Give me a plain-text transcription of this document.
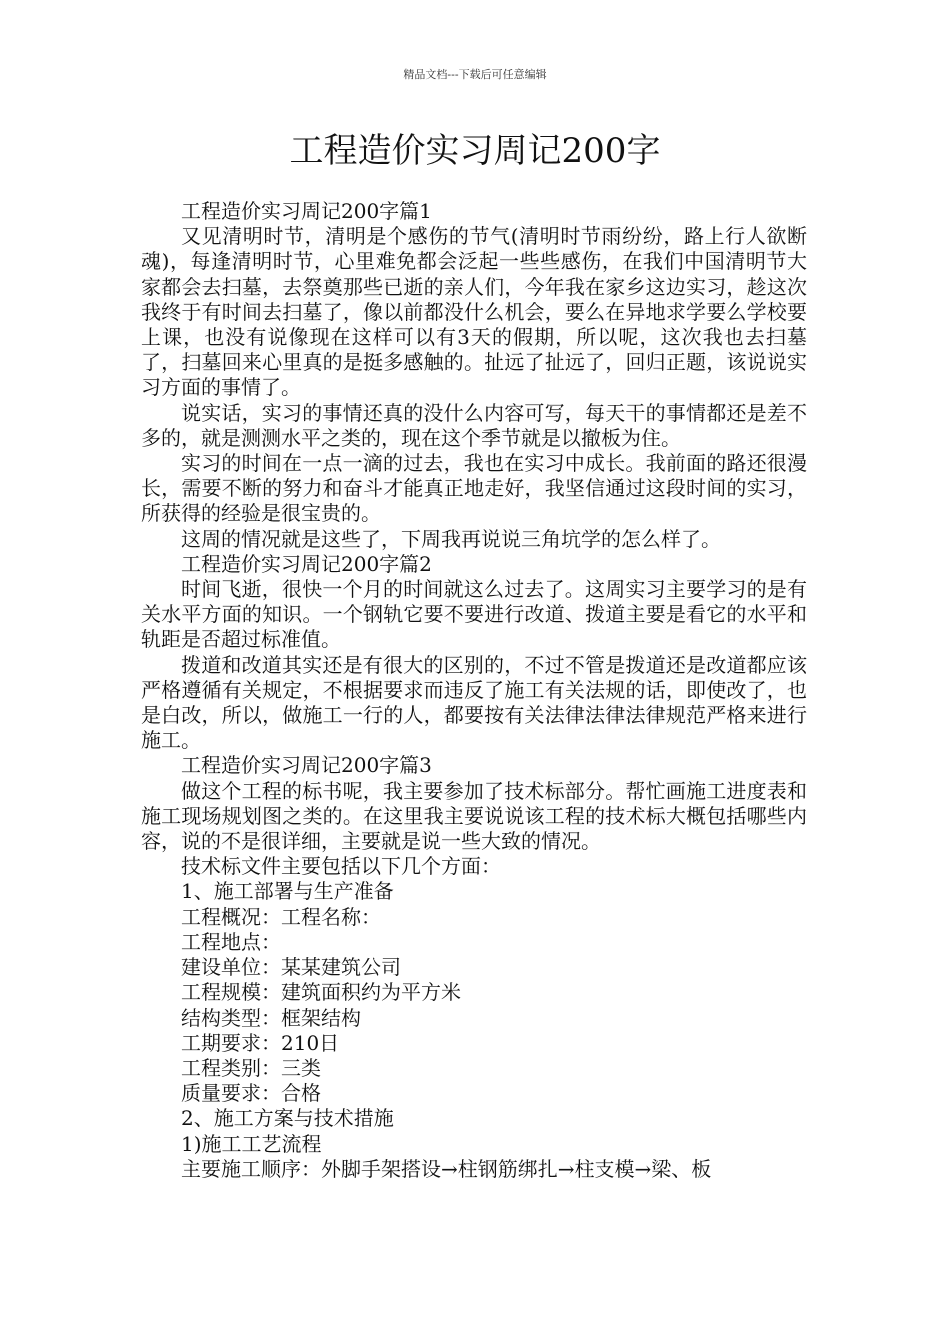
精品文档---下载后可任意编辑
工程造价实习周记200字

工程造价实习周记200字篇1

又见清明时节，清明是个感伤的节气(清明时节雨纷纷，路上行人欲断魂)，每逢清明时节，心里难免都会泛起一些些感伤，在我们中国清明节大家都会去扫墓，去祭奠那些已逝的亲人们，今年我在家乡这边实习，趁这次我终于有时间去扫墓了，像以前都没什么机会，要么在异地求学要么学校要上课，也没有说像现在这样可以有3天的假期，所以呢，这次我也去扫墓了，扫墓回来心里真的是挺多感触的。扯远了扯远了，回归正题，该说说实习方面的事情了。

说实话，实习的事情还真的没什么内容可写，每天干的事情都还是差不多的，就是测测水平之类的，现在这个季节就是以撤板为住。

实习的时间在一点一滴的过去，我也在实习中成长。我前面的路还很漫长，需要不断的努力和奋斗才能真正地走好，我坚信通过这段时间的实习，所获得的经验是很宝贵的。

这周的情况就是这些了，下周我再说说三角坑学的怎么样了。

工程造价实习周记200字篇2

时间飞逝，很快一个月的时间就这么过去了。这周实习主要学习的是有关水平方面的知识。一个钢轨它要不要进行改道、拨道主要是看它的水平和轨距是否超过标准值。

拨道和改道其实还是有很大的区别的，不过不管是拨道还是改道都应该严格遵循有关规定，不根据要求而违反了施工有关法规的话，即使改了，也是白改，所以，做施工一行的人，都要按有关法律法律法律规范严格来进行施工。

工程造价实习周记200字篇3

做这个工程的标书呢，我主要参加了技术标部分。帮忙画施工进度表和施工现场规划图之类的。在这里我主要说说该工程的技术标大概包括哪些内容，说的不是很详细，主要就是说一些大致的情况。

技术标文件主要包括以下几个方面：

1、施工部署与生产准备

工程概况：工程名称：

工程地点：

建设单位：某某建筑公司

工程规模：建筑面积约为平方米

结构类型：框架结构

工期要求：210日

工程类别：三类

质量要求：合格

2、施工方案与技术措施

1)施工工艺流程

主要施工顺序：外脚手架搭设→柱钢筋绑扎→柱支模→梁、板
